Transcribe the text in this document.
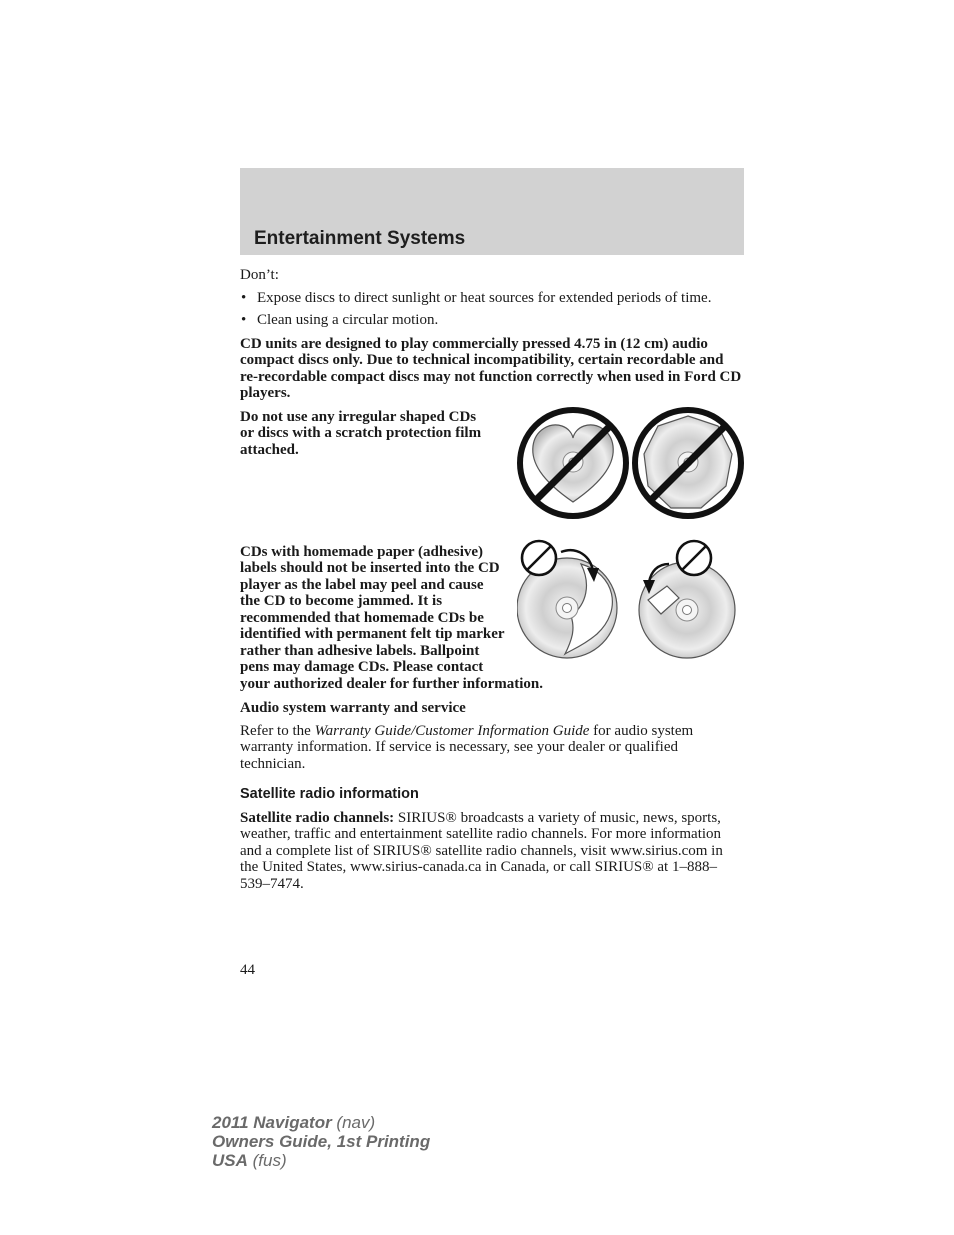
Entertainment Systems

Don’t:

• Expose discs to direct sunlight or heat sources for extended periods of time.
• Clean using a circular motion.

CD units are designed to play commercially pressed 4.75 in (12 cm) audio compact discs only. Due to technical incompatibility, certain recordable and re-recordable compact discs may not function correctly when used in Ford CD players.

Do not use any irregular shaped CDs or discs with a scratch protection film attached.

CDs with homemade paper (adhesive) labels should not be inserted into the CD player as the label may peel and cause the CD to become jammed. It is recommended that homemade CDs be identified with permanent felt tip marker rather than adhesive labels. Ballpoint pens may damage CDs. Please contact your authorized dealer for further information.

Audio system warranty and service

Refer to the Warranty Guide/Customer Information Guide for audio system warranty information. If service is necessary, see your dealer or qualified technician.

Satellite radio information

Satellite radio channels: SIRIUS® broadcasts a variety of music, news, sports, weather, traffic and entertainment satellite radio channels. For more information and a complete list of SIRIUS® satellite radio channels, visit www.sirius.com in the United States, www.sirius-canada.ca in Canada, or call SIRIUS® at 1–888–539–7474.

44
2011 Navigator (nav)
Owners Guide, 1st Printing
USA (fus)
